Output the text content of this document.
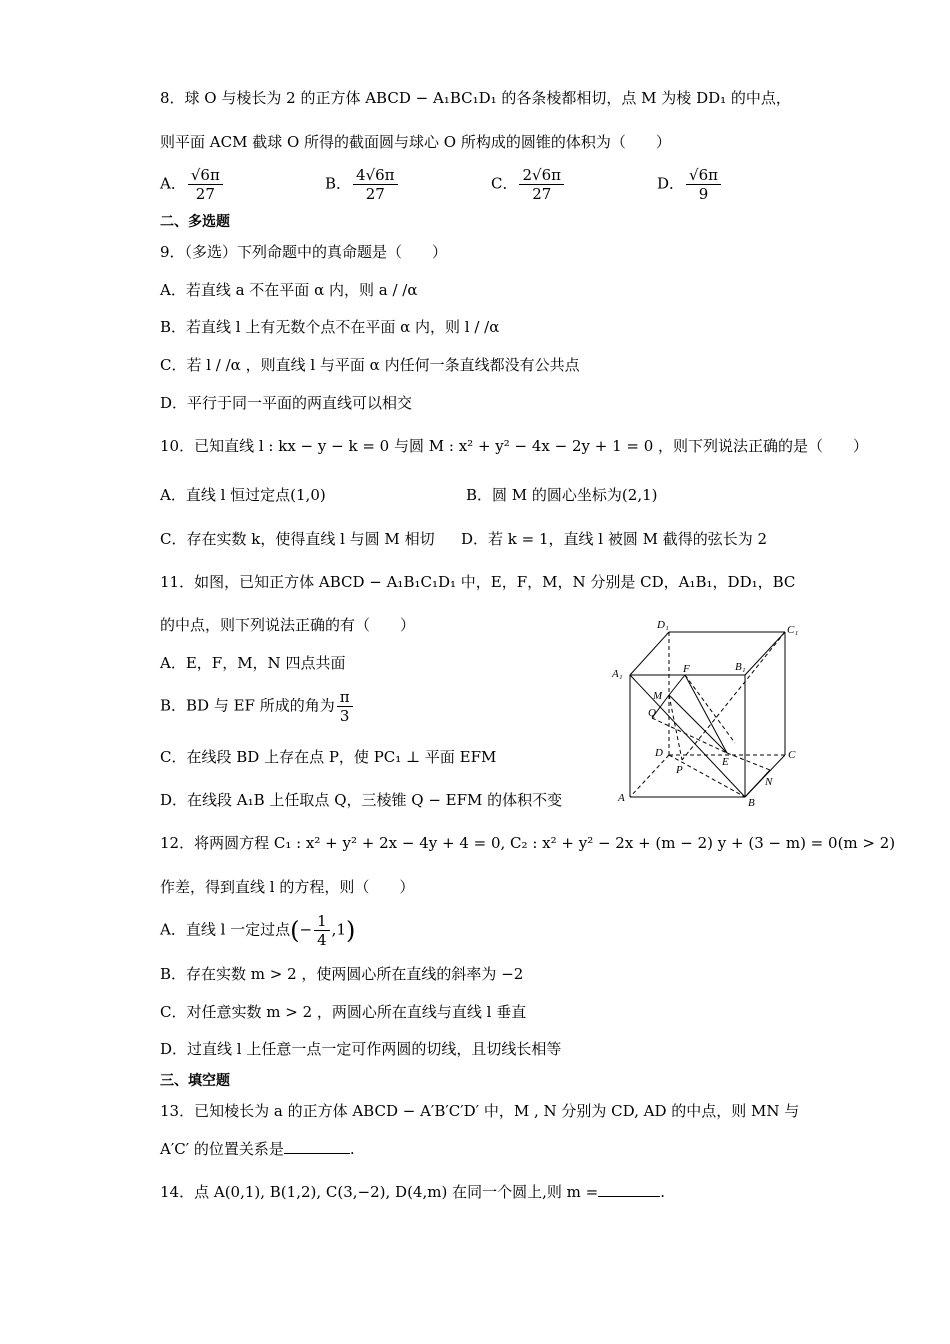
8．球 O 与棱长为 2 的正方体 ABCD − A₁BC₁D₁ 的各条棱都相切，点 M 为棱 DD₁ 的中点，
则平面 ACM 截球 O 所得的截面圆与球心 O 所构成的圆锥的体积为（　　）
A． $\frac{√6\pi}{27}$	B． $\frac{4√6\pi}{27}$	C． $\frac{2√6\pi}{27}$	D． $\frac{√6\pi}{9}$
二、多选题
9．（多选）下列命题中的真命题是（　　）
A．若直线 a 不在平面 α 内，则 a / /α
B．若直线 l 上有无数个点不在平面 α 内，则 l / /α
C．若 l / /α ，则直线 l 与平面 α 内任何一条直线都没有公共点
D．平行于同一平面的两直线可以相交
10．已知直线 l : kx − y − k = 0 与圆 M : x² + y² − 4x − 2y + 1 = 0 ，则下列说法正确的是（　　）
A．直线 l 恒过定点(1,0)	B．圆 M 的圆心坐标为(2,1)
C．存在实数 k，使得直线 l 与圆 M 相切 D．若 k = 1，直线 l 被圆 M 截得的弦长为 2
11．如图，已知正方体 ABCD − A₁B₁C₁D₁ 中，E，F，M，N 分别是 CD，A₁B₁，DD₁，BC
的中点，则下列说法正确的有（　　）
A．E，F，M，N 四点共面
B．BD 与 EF 所成的角为 $\frac{\pi}{3}$
C．在线段 BD 上存在点 P，使 PC₁ ⊥ 平面 EFM
D．在线段 A₁B 上任取点 Q，三棱锥 Q − EFM 的体积不变
D₁	C₁
F	B₁
A₁
M
Q
D	C
E
P
N
A	B
12．将两圆方程 C₁ : x² + y² + 2x − 4y + 4 = 0, C₂ : x² + y² − 2x + (m − 2) y + (3 − m) = 0(m > 2)
作差，得到直线 l 的方程，则（　　）
A．直线 l 一定过点(− $\frac{1}{4} ,1$)
B．存在实数 m > 2 ，使两圆心所在直线的斜率为 −2
C．对任意实数 m > 2 ，两圆心所在直线与直线 l 垂直
D．过直线 l 上任意一点一定可作两圆的切线，且切线长相等
三、填空题
13．已知棱长为 a 的正方体 ABCD − A′B′C′D′ 中，M , N 分别为 CD, AD 的中点，则 MN 与
A′C′ 的位置关系是	.
14．点 A(0,1), B(1,2), C(3,−2), D(4,m) 在同一个圆上,则 m =	.
